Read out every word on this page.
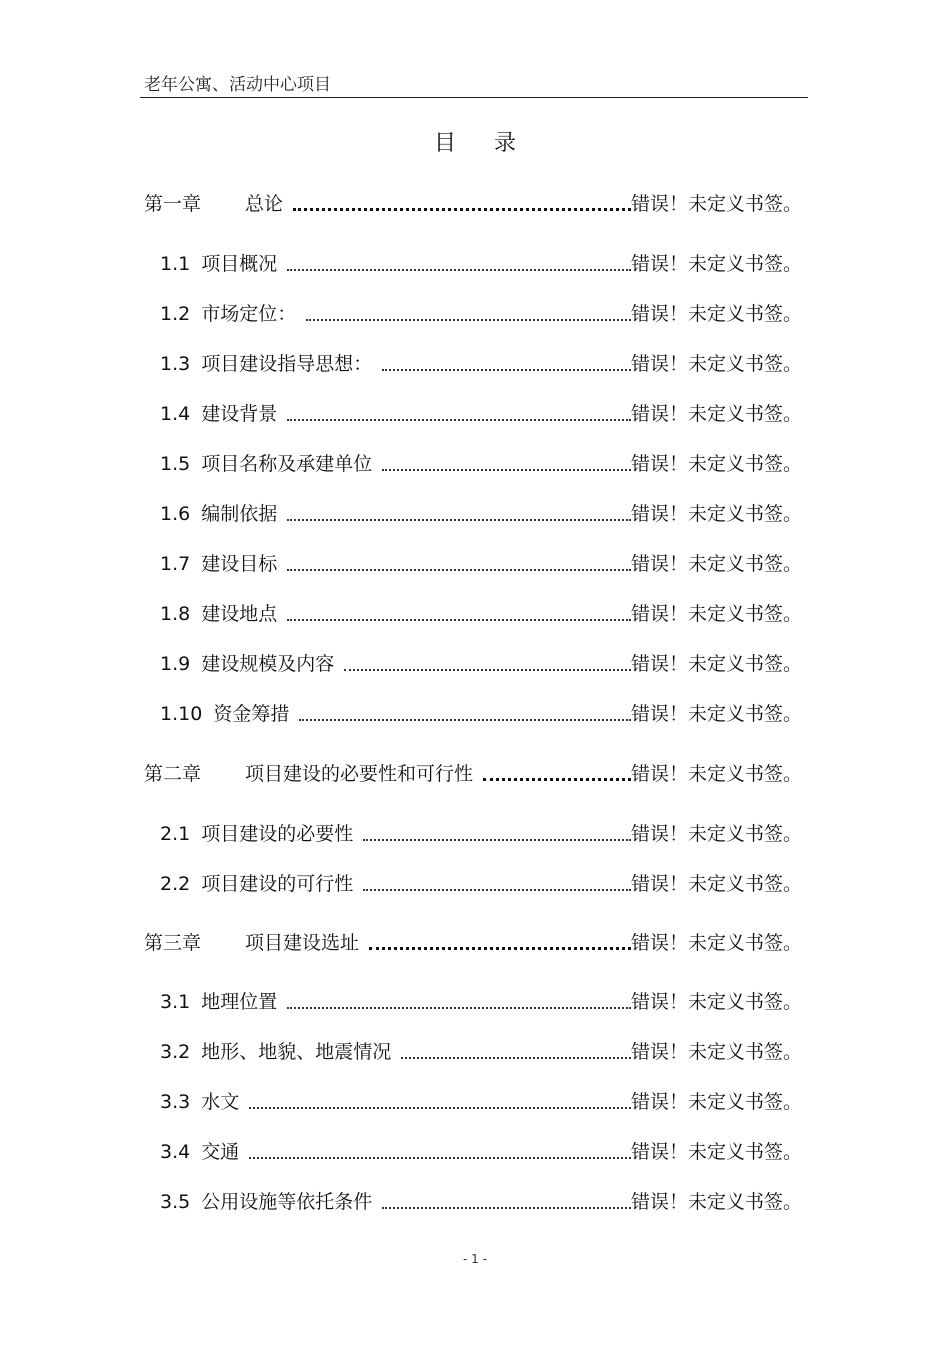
老年公寓、活动中心项目
目录
第一章	总论	错误！未定义书签。
1.1 项目概况	错误！未定义书签。
1.2 市场定位：	错误！未定义书签。
1.3 项目建设指导思想：	错误！未定义书签。
1.4 建设背景	错误！未定义书签。
1.5 项目名称及承建单位	错误！未定义书签。
1.6 编制依据	错误！未定义书签。
1.7 建设目标	错误！未定义书签。
1.8 建设地点	错误！未定义书签。
1.9 建设规模及内容	错误！未定义书签。
1.10 资金筹措	错误！未定义书签。
第二章	项目建设的必要性和可行性	错误！未定义书签。
2.1 项目建设的必要性	错误！未定义书签。
2.2 项目建设的可行性	错误！未定义书签。
第三章	项目建设选址	错误！未定义书签。
3.1 地理位置	错误！未定义书签。
3.2 地形、地貌、地震情况	错误！未定义书签。
3.3 水文	错误！未定义书签。
3.4 交通	错误！未定义书签。
3.5 公用设施等依托条件	错误！未定义书签。
- 1 -
